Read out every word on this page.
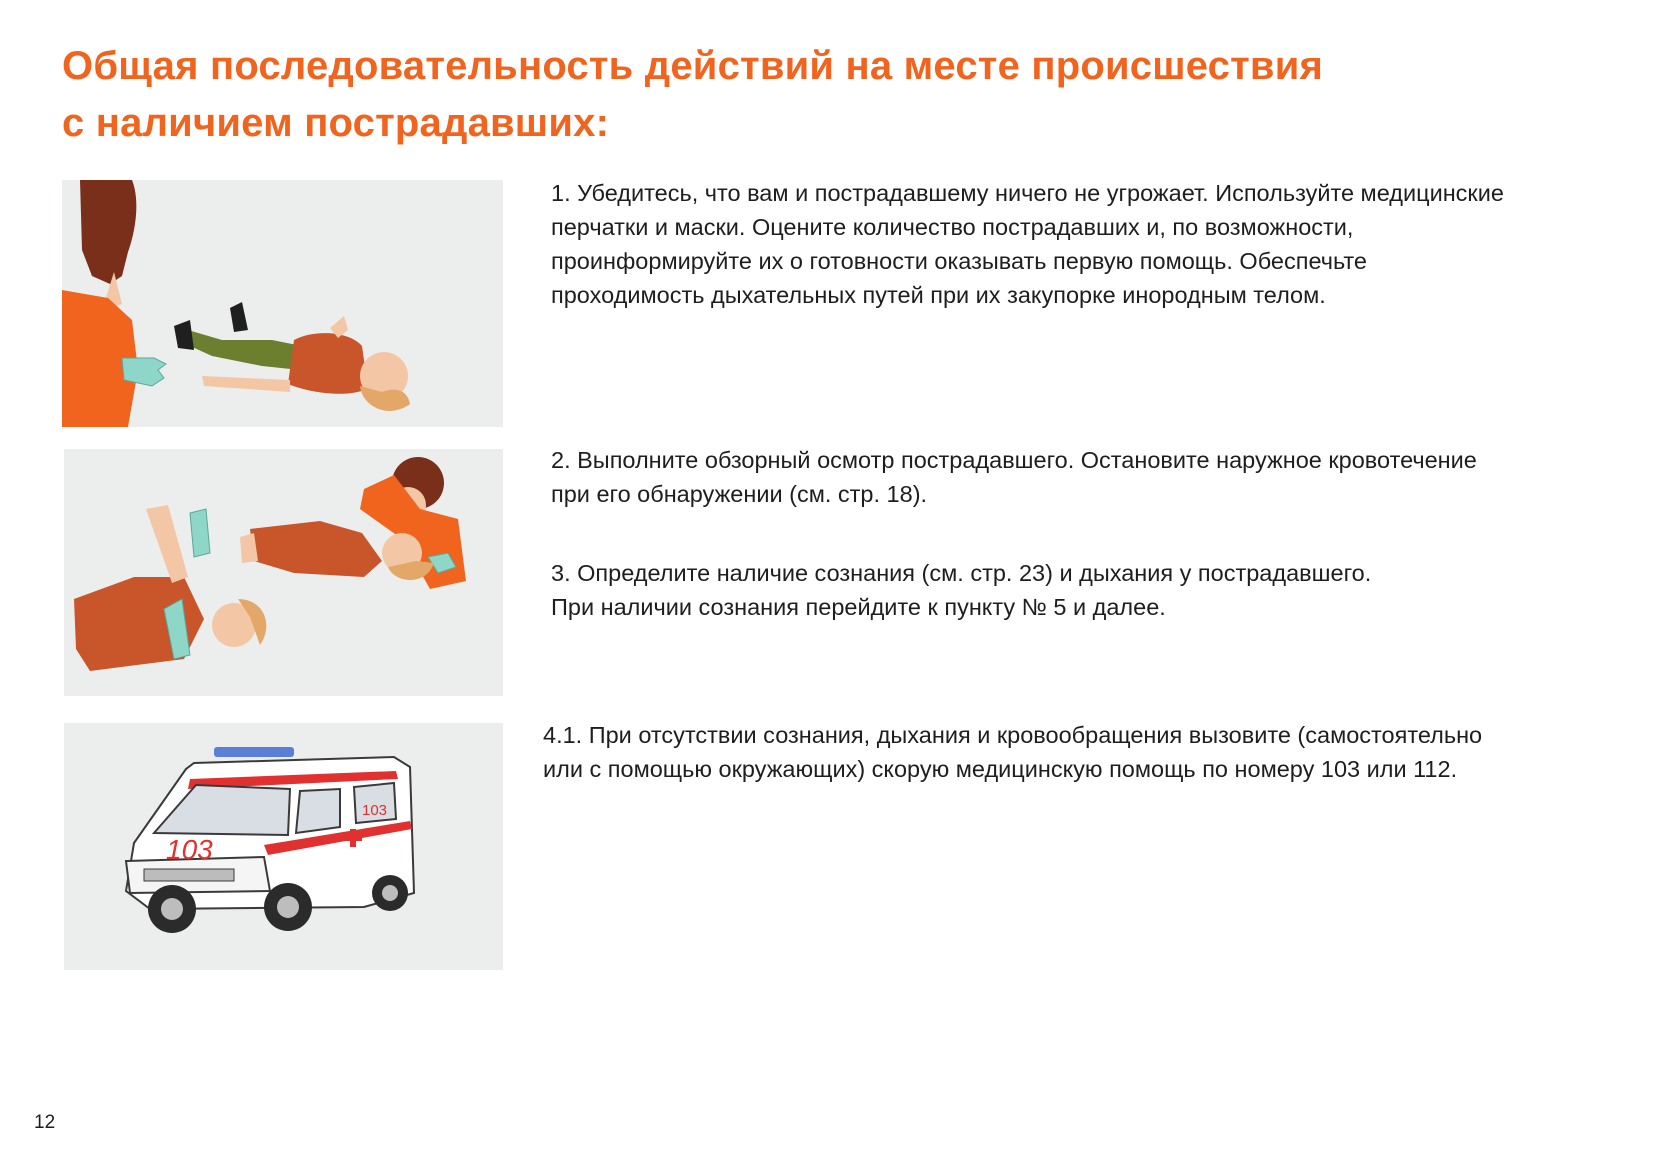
Общая последовательность действий на месте происшествия
с наличием пострадавших:
103
103

1. Убедитесь, что вам и пострадавшему ничего не угрожает. Используйте медицинские
перчатки и маски. Оцените количество пострадавших и, по возможности,
проинформируйте их о готовности оказывать первую помощь. Обеспечьте
проходимость дыхательных путей при их закупорке инородным телом.

2. Выполните обзорный осмотр пострадавшего. Остановите наружное кровотечение
при его обнаружении (см. стр. 18).

3. Определите наличие сознания (см. стр. 23) и дыхания у пострадавшего.
При наличии сознания перейдите к пункту № 5 и далее.

4.1. При отсутствии сознания, дыхания и кровообращения вызовите (самостоятельно
или с помощью окружающих) скорую медицинскую помощь по номеру 103 или 112.

12
